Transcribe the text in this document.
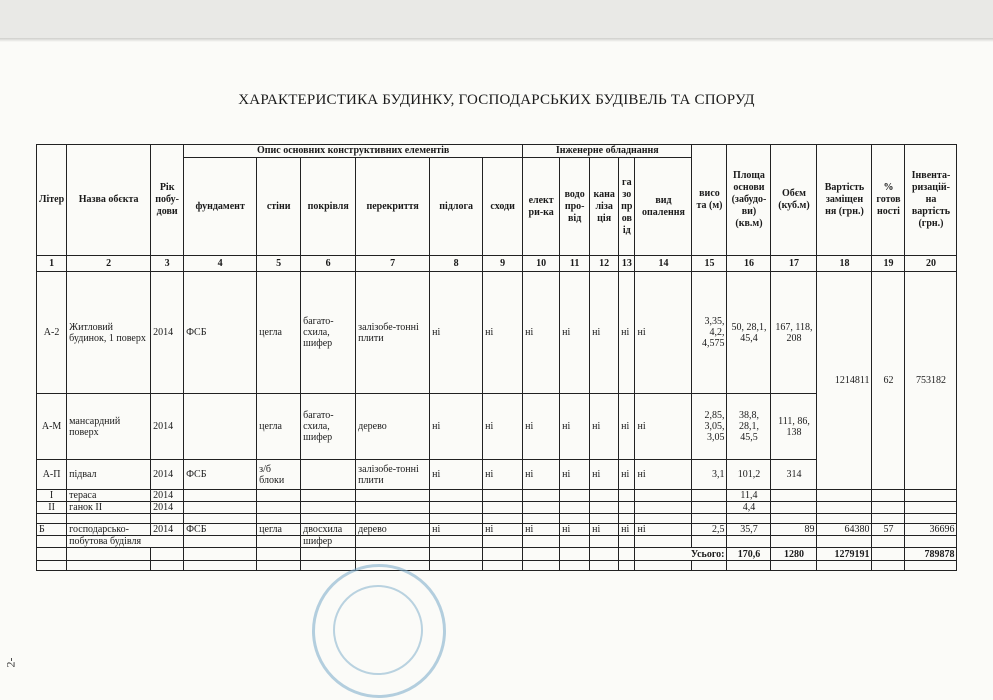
ХАРАКТЕРИСТИКА БУДИНКУ, ГОСПОДАРСЬКИХ БУДІВЕЛЬ ТА СПОРУД
Літер	Назва обєкта	Рік побу-дови	Опис основних конструктивних елементів						Інженерне обладнання					висо та (м)	Площа основи (забудо-ви) (кв.м)	Обєм (куб.м)	Вартість заміщен ня (грн.)	% готов ності	Інвента-ризацій-на вартість (грн.)
			фундамент	стіни	покрівля	перекриття	підлога	сходи	елект ри-ка	водо про-від	кана ліза ція	га зо пр ов ід	вид опалення						
1	2	3	4	5	6	7	8	9	10	11	12	13	14	15	16	17	18	19	20
А-2	Житловий будинок, 1 поверх	2014	ФСБ	цегла	багато-схила, шифер	залізобе-тонні плити	ні	ні	ні	ні	ні	ні	ні	3,35, 4,2, 4,575	50, 28,1, 45,4	167, 118, 208	1214811	62	753182
А-М	мансардний поверх	2014		цегла	багато-схила, шифер	дерево	ні	ні	ні	ні	ні	ні	ні	2,85, 3,05, 3,05	38,8, 28,1, 45,5	111, 86, 138			
А-П	підвал	2014	ФСБ	з/б блоки		залізобе-тонні плити	ні	ні	ні	ні	ні	ні	ні	3,1	101,2	314			
І	тераса	2014													11,4				
ІІ	ганок ІІ	2014													4,4				

Б	господарсько-	2014	ФСБ	цегла	двосхила	дерево	ні	ні	ні	ні	ні	ні	ні	2,5	35,7	89	64380	57	36696
	побутова будівля				шифер														
													Усього:		170,6	1280	1279191		789878

2-
